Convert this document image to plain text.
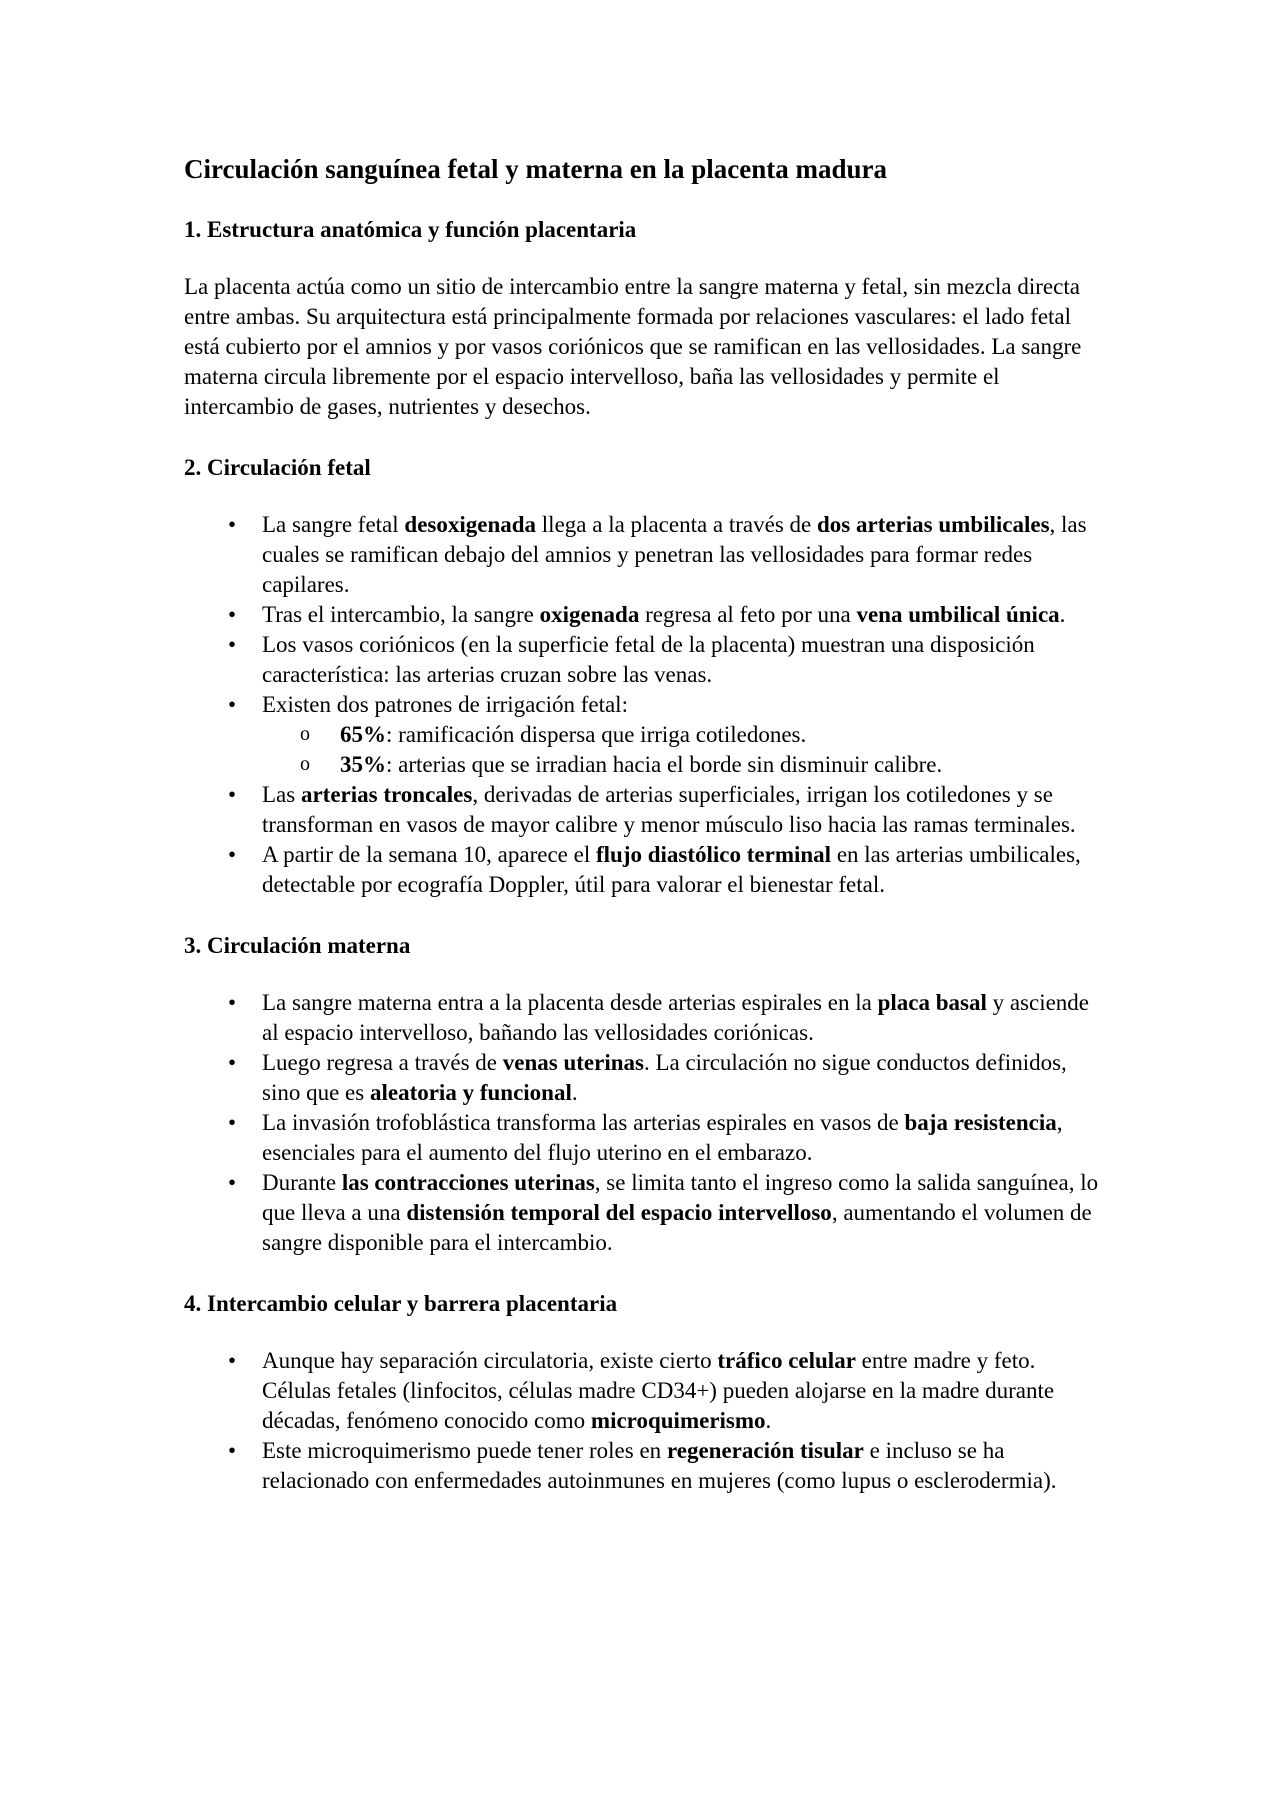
Circulación sanguínea fetal y materna en la placenta madura
1. Estructura anatómica y función placentaria

La placenta actúa como un sitio de intercambio entre la sangre materna y fetal, sin mezcla directa entre ambas. Su arquitectura está principalmente formada por relaciones vasculares: el lado fetal está cubierto por el amnios y por vasos coriónicos que se ramifican en las vellosidades. La sangre materna circula libremente por el espacio intervelloso, baña las vellosidades y permite el intercambio de gases, nutrientes y desechos.

2. Circulación fetal
• La sangre fetal desoxigenada llega a la placenta a través de dos arterias umbilicales, las cuales se ramifican debajo del amnios y penetran las vellosidades para formar redes capilares.
• Tras el intercambio, la sangre oxigenada regresa al feto por una vena umbilical única.
• Los vasos coriónicos (en la superficie fetal de la placenta) muestran una disposición característica: las arterias cruzan sobre las venas.
• Existen dos patrones de irrigación fetal:
o 65%: ramificación dispersa que irriga cotiledones.
o 35%: arterias que se irradian hacia el borde sin disminuir calibre.
• Las arterias troncales, derivadas de arterias superficiales, irrigan los cotiledones y se transforman en vasos de mayor calibre y menor músculo liso hacia las ramas terminales.
• A partir de la semana 10, aparece el flujo diastólico terminal en las arterias umbilicales, detectable por ecografía Doppler, útil para valorar el bienestar fetal.
3. Circulación materna
• La sangre materna entra a la placenta desde arterias espirales en la placa basal y asciende al espacio intervelloso, bañando las vellosidades coriónicas.
• Luego regresa a través de venas uterinas. La circulación no sigue conductos definidos, sino que es aleatoria y funcional.
• La invasión trofoblástica transforma las arterias espirales en vasos de baja resistencia, esenciales para el aumento del flujo uterino en el embarazo.
• Durante las contracciones uterinas, se limita tanto el ingreso como la salida sanguínea, lo que lleva a una distensión temporal del espacio intervelloso, aumentando el volumen de sangre disponible para el intercambio.
4. Intercambio celular y barrera placentaria
• Aunque hay separación circulatoria, existe cierto tráfico celular entre madre y feto. Células fetales (linfocitos, células madre CD34+) pueden alojarse en la madre durante décadas, fenómeno conocido como microquimerismo.
• Este microquimerismo puede tener roles en regeneración tisular e incluso se ha relacionado con enfermedades autoinmunes en mujeres (como lupus o esclerodermia).
